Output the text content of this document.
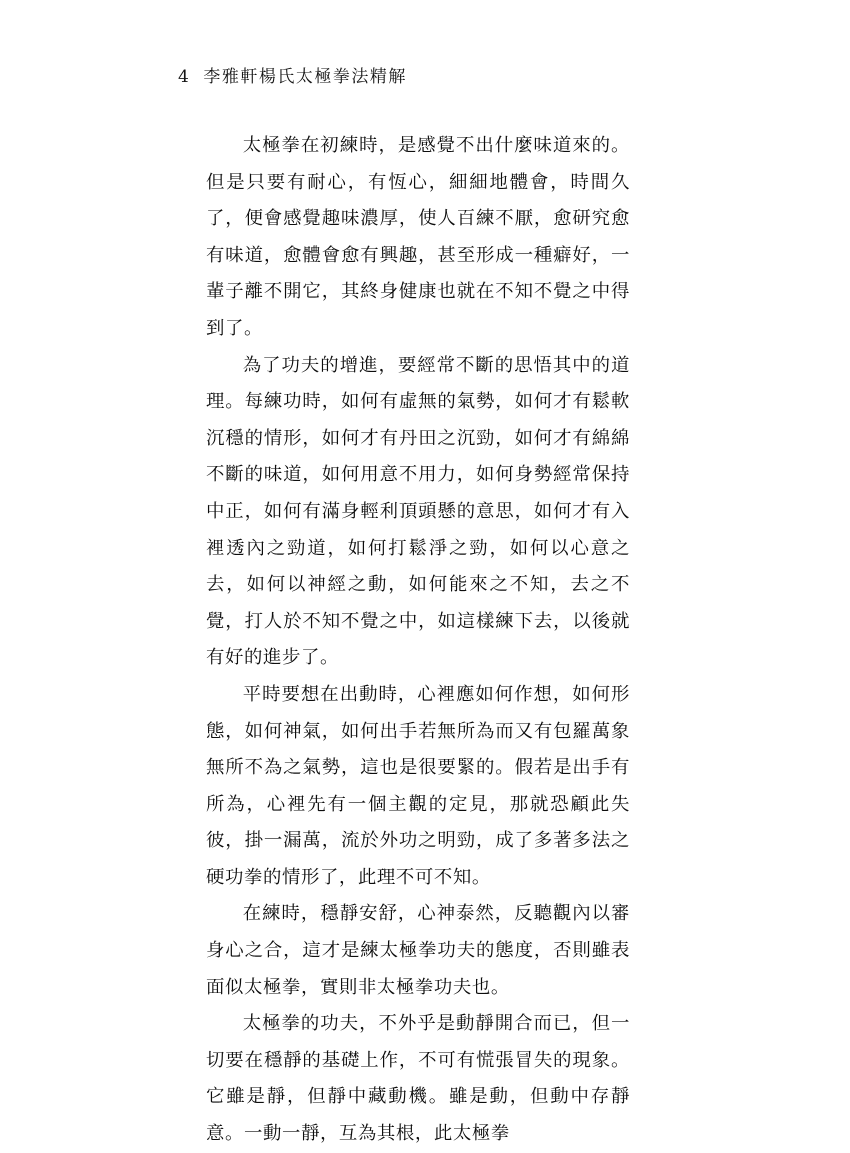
4 李雅軒楊氏太極拳法精解

太極拳在初練時，是感覺不出什麼味道來的。但是只要有耐心，有恆心，細細地體會，時間久了，便會感覺趣味濃厚，使人百練不厭，愈研究愈有味道，愈體會愈有興趣，甚至形成一種癖好，一輩子離不開它，其終身健康也就在不知不覺之中得到了。

為了功夫的增進，要經常不斷的思悟其中的道理。每練功時，如何有虛無的氣勢，如何才有鬆軟沉穩的情形，如何才有丹田之沉勁，如何才有綿綿不斷的味道，如何用意不用力，如何身勢經常保持中正，如何有滿身輕利頂頭懸的意思，如何才有入裡透內之勁道，如何打鬆淨之勁，如何以心意之去，如何以神經之動，如何能來之不知，去之不覺，打人於不知不覺之中，如這樣練下去，以後就有好的進步了。

平時要想在出動時，心裡應如何作想，如何形態，如何神氣，如何出手若無所為而又有包羅萬象無所不為之氣勢，這也是很要緊的。假若是出手有所為，心裡先有一個主觀的定見，那就恐顧此失彼，掛一漏萬，流於外功之明勁，成了多著多法之硬功拳的情形了，此理不可不知。

在練時，穩靜安舒，心神泰然，反聽觀內以審身心之合，這才是練太極拳功夫的態度，否則雖表面似太極拳，實則非太極拳功夫也。

太極拳的功夫，不外乎是動靜開合而已，但一切要在穩靜的基礎上作，不可有慌張冒失的現象。它雖是靜，但靜中藏動機。雖是動，但動中存靜意。一動一靜，互為其根，此太極拳
